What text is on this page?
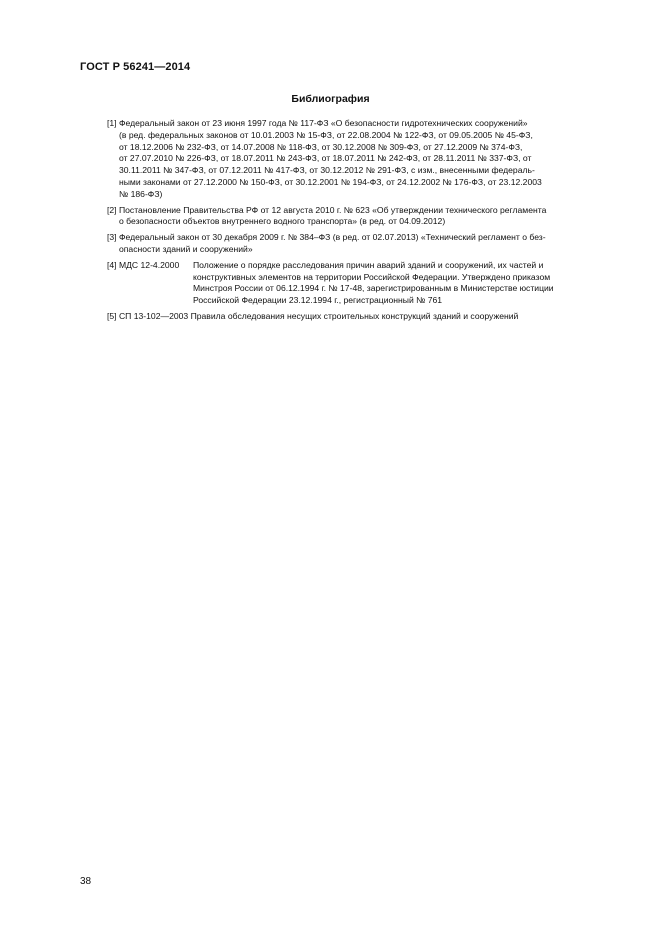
ГОСТ Р 56241—2014
Библиография
[1] Федеральный закон от 23 июня 1997 года № 117-ФЗ «О безопасности гидротехнических сооружений»
(в ред. федеральных законов от 10.01.2003 № 15-ФЗ, от 22.08.2004 № 122-ФЗ, от 09.05.2005 № 45-ФЗ,
от 18.12.2006 № 232-ФЗ, от 14.07.2008 № 118-ФЗ, от 30.12.2008 № 309-ФЗ, от 27.12.2009 № 374-ФЗ,
от 27.07.2010 № 226-ФЗ, от 18.07.2011 № 243-ФЗ, от 18.07.2011 № 242-ФЗ, от 28.11.2011 № 337-ФЗ, от
30.11.2011 № 347-ФЗ, от 07.12.2011 № 417-ФЗ, от 30.12.2012 № 291-ФЗ, с изм., внесенными федераль-
ными законами от 27.12.2000 № 150-ФЗ, от 30.12.2001 № 194-ФЗ, от 24.12.2002 № 176-ФЗ, от 23.12.2003
№ 186-ФЗ)
[2] Постановление Правительства РФ от 12 августа 2010 г. № 623 «Об утверждении технического регламента
о безопасности объектов внутреннего водного транспорта» (в ред. от 04.09.2012)
[3] Федеральный закон от 30 декабря 2009 г. № 384–ФЗ (в ред. от 02.07.2013) «Технический регламент о без-
опасности зданий и сооружений»
[4] МДС 12-4.2000 Положение о порядке расследования причин аварий зданий и сооружений, их частей и
конструктивных элементов на территории Российской Федерации. Утверждено приказом
Минстроя России от 06.12.1994 г. № 17-48, зарегистрированным в Министерстве юстиции
Российской Федерации 23.12.1994 г., регистрационный № 761
[5] СП 13-102—2003 Правила обследования несущих строительных конструкций зданий и сооружений
38
